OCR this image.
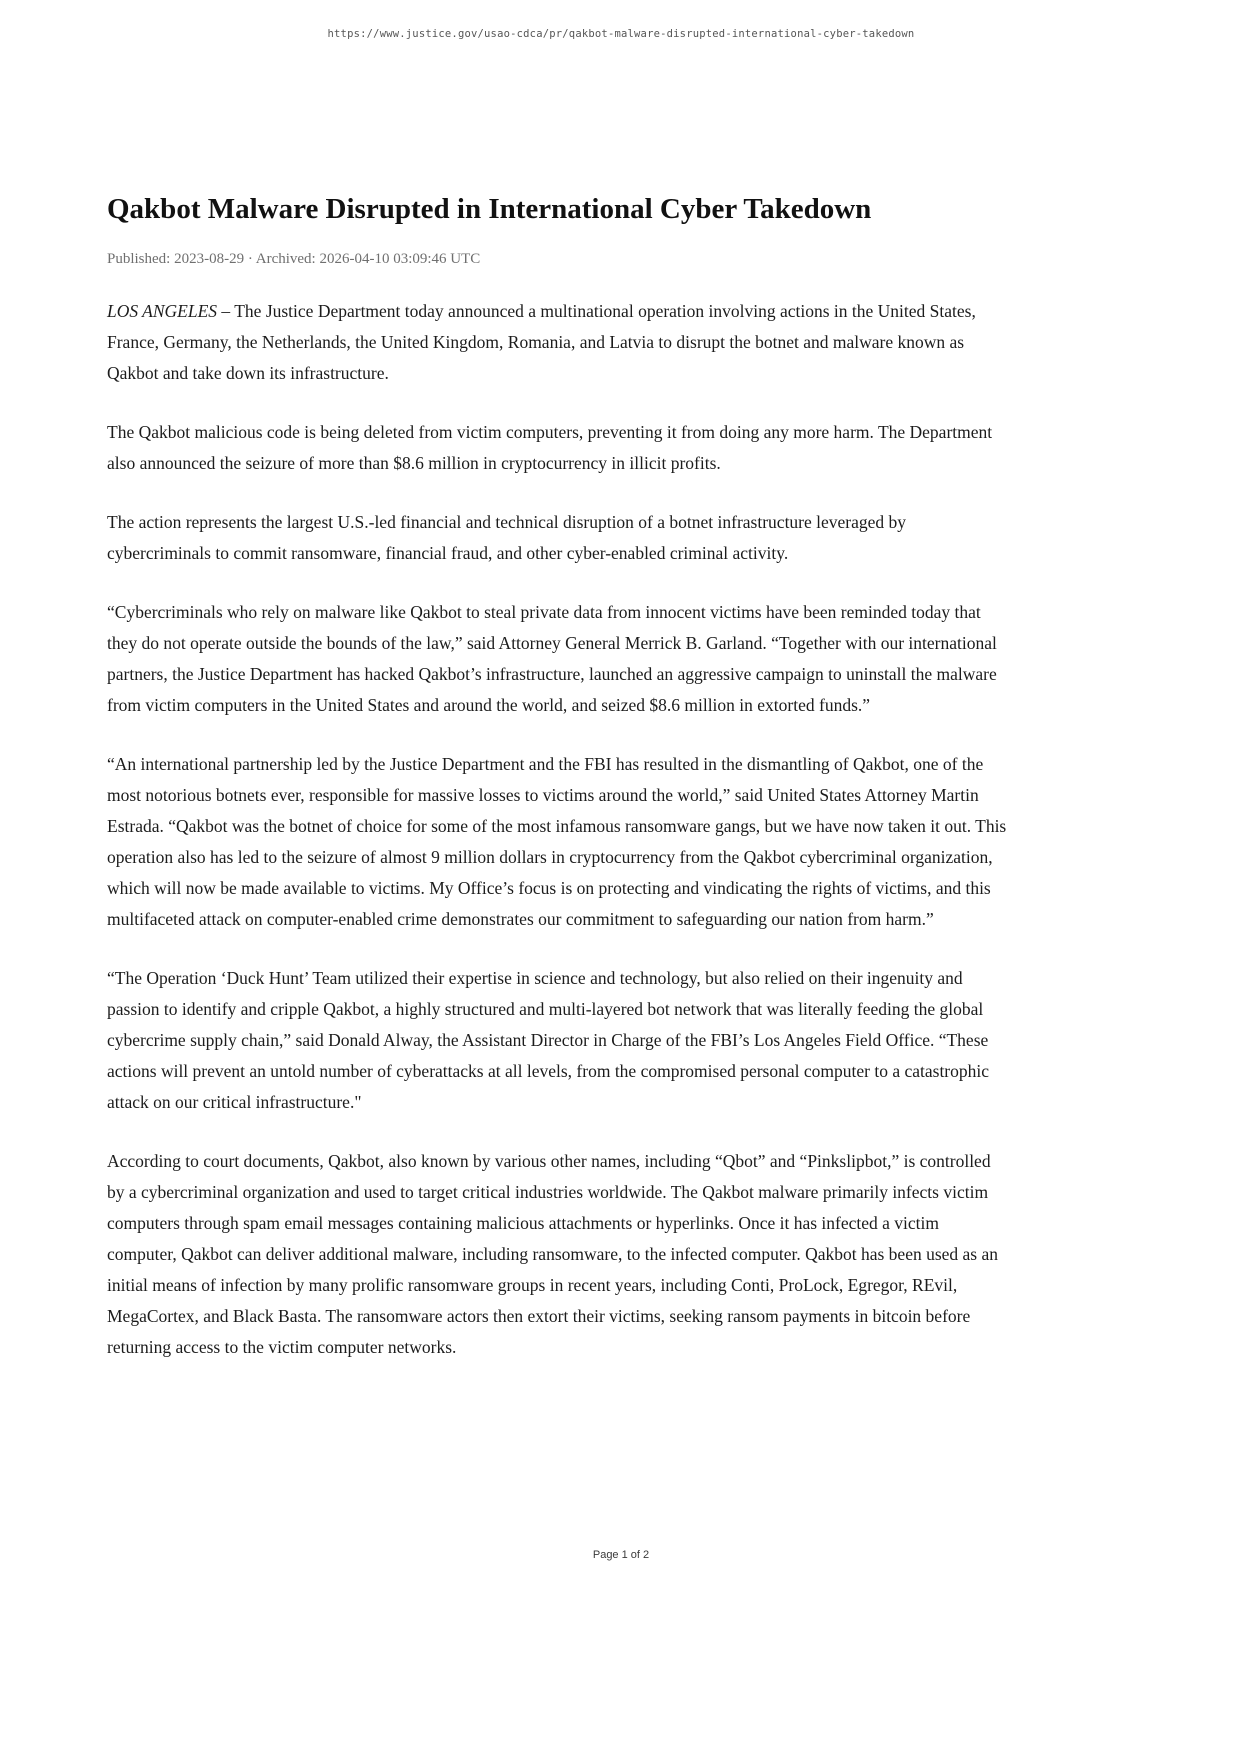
https://www.justice.gov/usao-cdca/pr/qakbot-malware-disrupted-international-cyber-takedown
Qakbot Malware Disrupted in International Cyber Takedown
Published: 2023-08-29 · Archived: 2026-04-10 03:09:46 UTC

LOS ANGELES – The Justice Department today announced a multinational operation involving actions in the United States, France, Germany, the Netherlands, the United Kingdom, Romania, and Latvia to disrupt the botnet and malware known as Qakbot and take down its infrastructure.

The Qakbot malicious code is being deleted from victim computers, preventing it from doing any more harm. The Department also announced the seizure of more than $8.6 million in cryptocurrency in illicit profits.

The action represents the largest U.S.-led financial and technical disruption of a botnet infrastructure leveraged by cybercriminals to commit ransomware, financial fraud, and other cyber-enabled criminal activity.

“Cybercriminals who rely on malware like Qakbot to steal private data from innocent victims have been reminded today that they do not operate outside the bounds of the law,” said Attorney General Merrick B. Garland. “Together with our international partners, the Justice Department has hacked Qakbot’s infrastructure, launched an aggressive campaign to uninstall the malware from victim computers in the United States and around the world, and seized $8.6 million in extorted funds.”

“An international partnership led by the Justice Department and the FBI has resulted in the dismantling of Qakbot, one of the most notorious botnets ever, responsible for massive losses to victims around the world,” said United States Attorney Martin Estrada. “Qakbot was the botnet of choice for some of the most infamous ransomware gangs, but we have now taken it out. This operation also has led to the seizure of almost 9 million dollars in cryptocurrency from the Qakbot cybercriminal organization, which will now be made available to victims. My Office’s focus is on protecting and vindicating the rights of victims, and this multifaceted attack on computer-enabled crime demonstrates our commitment to safeguarding our nation from harm.”

“The Operation ‘Duck Hunt’ Team utilized their expertise in science and technology, but also relied on their ingenuity and passion to identify and cripple Qakbot, a highly structured and multi-layered bot network that was literally feeding the global cybercrime supply chain,” said Donald Alway, the Assistant Director in Charge of the FBI’s Los Angeles Field Office. “These actions will prevent an untold number of cyberattacks at all levels, from the compromised personal computer to a catastrophic attack on our critical infrastructure."

According to court documents, Qakbot, also known by various other names, including “Qbot” and “Pinkslipbot,” is controlled by a cybercriminal organization and used to target critical industries worldwide. The Qakbot malware primarily infects victim computers through spam email messages containing malicious attachments or hyperlinks. Once it has infected a victim computer, Qakbot can deliver additional malware, including ransomware, to the infected computer. Qakbot has been used as an initial means of infection by many prolific ransomware groups in recent years, including Conti, ProLock, Egregor, REvil, MegaCortex, and Black Basta. The ransomware actors then extort their victims, seeking ransom payments in bitcoin before returning access to the victim computer networks.

Page 1 of 2
